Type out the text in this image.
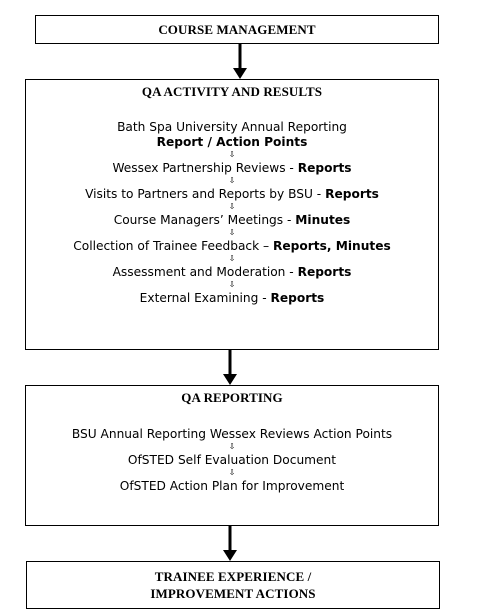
COURSE MANAGEMENT
QA ACTIVITY AND RESULTS
Bath Spa University Annual Reporting
Report / Action Points
⇩
Wessex Partnership Reviews - Reports
⇩
Visits to Partners and Reports by BSU - Reports
⇩
Course Managers’ Meetings - Minutes
⇩
Collection of Trainee Feedback – Reports, Minutes
⇩
Assessment and Moderation - Reports
⇩
External Examining - Reports
QA REPORTING
BSU Annual Reporting Wessex Reviews Action Points
⇩
OfSTED Self Evaluation Document
⇩
OfSTED Action Plan for Improvement
TRAINEE EXPERIENCE /
IMPROVEMENT ACTIONS
